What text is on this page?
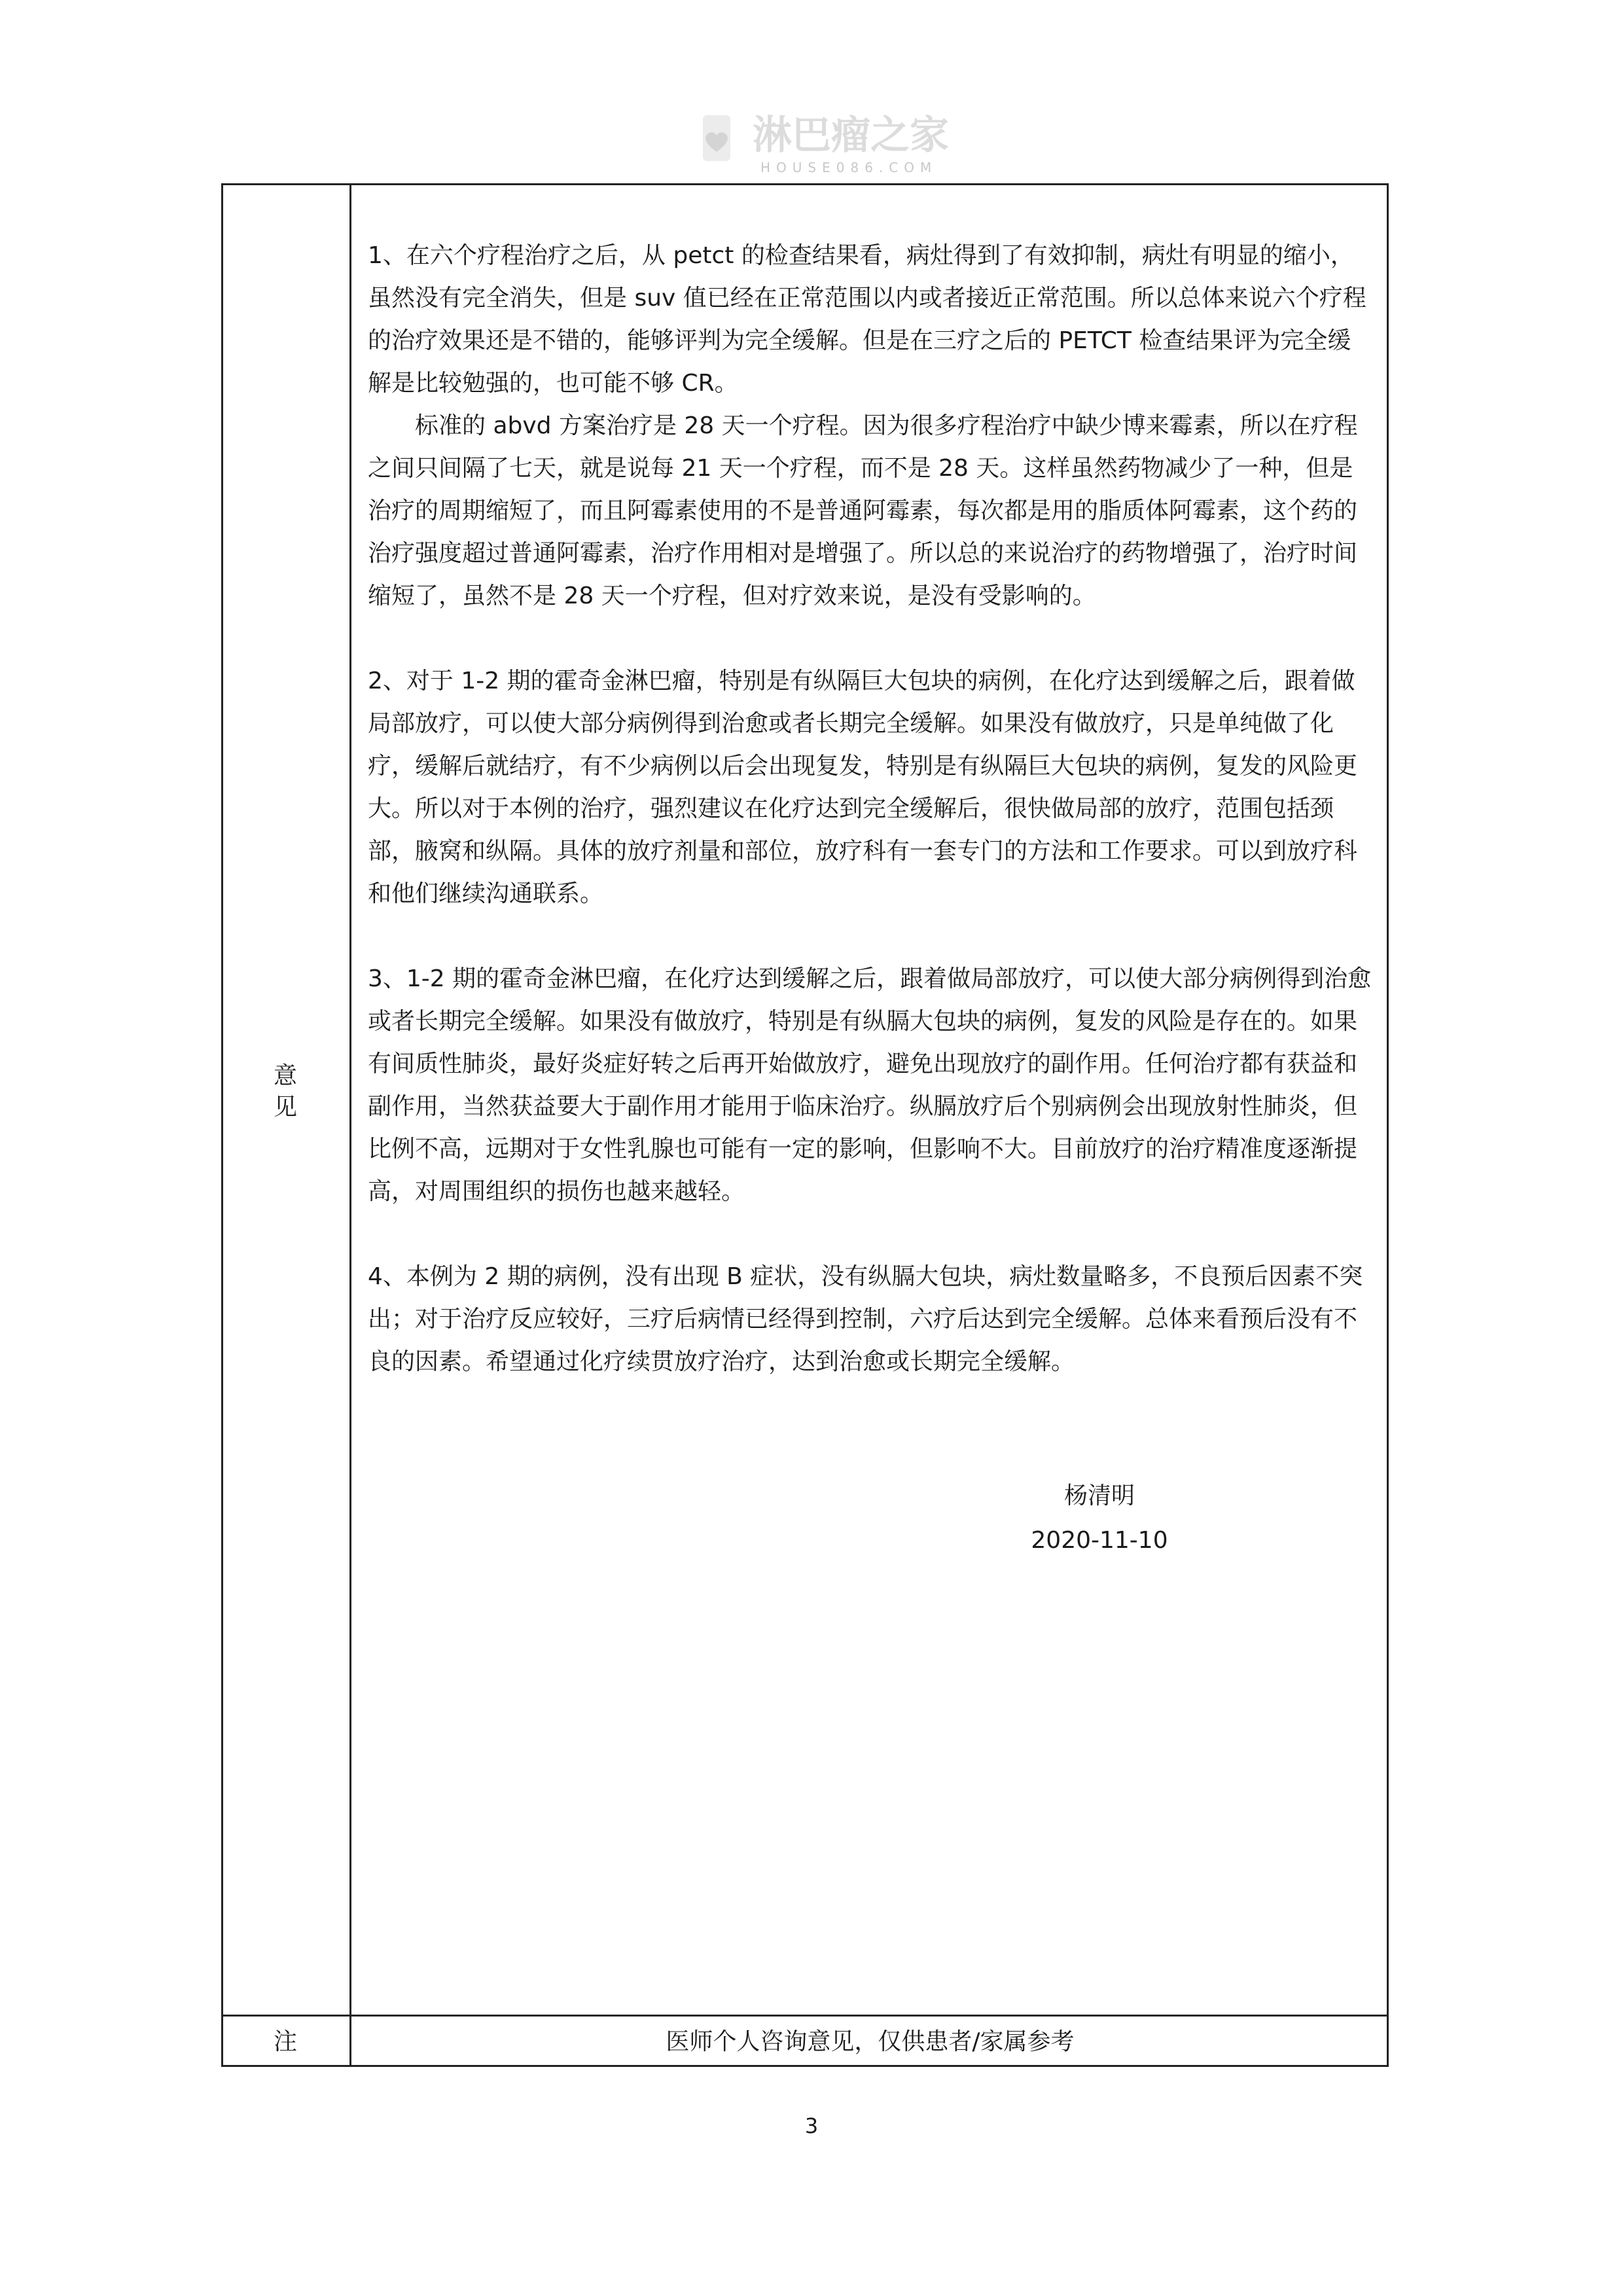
淋巴瘤之家
HOUSE086.COM
意见

1、在六个疗程治疗之后，从 petct 的检查结果看，病灶得到了有效抑制，病灶有明显的缩小，虽然没有完全消失，但是 suv 值已经在正常范围以内或者接近正常范围。所以总体来说六个疗程的治疗效果还是不错的，能够评判为完全缓解。但是在三疗之后的 PETCT 检查结果评为完全缓解是比较勉强的，也可能不够 CR。

标准的 abvd 方案治疗是 28 天一个疗程。因为很多疗程治疗中缺少博来霉素，所以在疗程之间只间隔了七天，就是说每 21 天一个疗程，而不是 28 天。这样虽然药物减少了一种，但是治疗的周期缩短了，而且阿霉素使用的不是普通阿霉素，每次都是用的脂质体阿霉素，这个药的治疗强度超过普通阿霉素，治疗作用相对是增强了。所以总的来说治疗的药物增强了，治疗时间缩短了，虽然不是 28 天一个疗程，但对疗效来说，是没有受影响的。

2、对于 1-2 期的霍奇金淋巴瘤，特别是有纵隔巨大包块的病例，在化疗达到缓解之后，跟着做局部放疗，可以使大部分病例得到治愈或者长期完全缓解。如果没有做放疗，只是单纯做了化疗，缓解后就结疗，有不少病例以后会出现复发，特别是有纵隔巨大包块的病例，复发的风险更大。所以对于本例的治疗，强烈建议在化疗达到完全缓解后，很快做局部的放疗，范围包括颈部，腋窝和纵隔。具体的放疗剂量和部位，放疗科有一套专门的方法和工作要求。可以到放疗科和他们继续沟通联系。

3、1-2 期的霍奇金淋巴瘤，在化疗达到缓解之后，跟着做局部放疗，可以使大部分病例得到治愈或者长期完全缓解。如果没有做放疗，特别是有纵膈大包块的病例，复发的风险是存在的。如果有间质性肺炎，最好炎症好转之后再开始做放疗，避免出现放疗的副作用。任何治疗都有获益和副作用，当然获益要大于副作用才能用于临床治疗。纵膈放疗后个别病例会出现放射性肺炎，但比例不高，远期对于女性乳腺也可能有一定的影响，但影响不大。目前放疗的治疗精准度逐渐提高，对周围组织的损伤也越来越轻。

4、本例为 2 期的病例，没有出现 B 症状，没有纵膈大包块，病灶数量略多，不良预后因素不突出；对于治疗反应较好，三疗后病情已经得到控制，六疗后达到完全缓解。总体来看预后没有不良的因素。希望通过化疗续贯放疗治疗，达到治愈或长期完全缓解。

杨清明
2020-11-10
注	医师个人咨询意见，仅供患者/家属参考
3
